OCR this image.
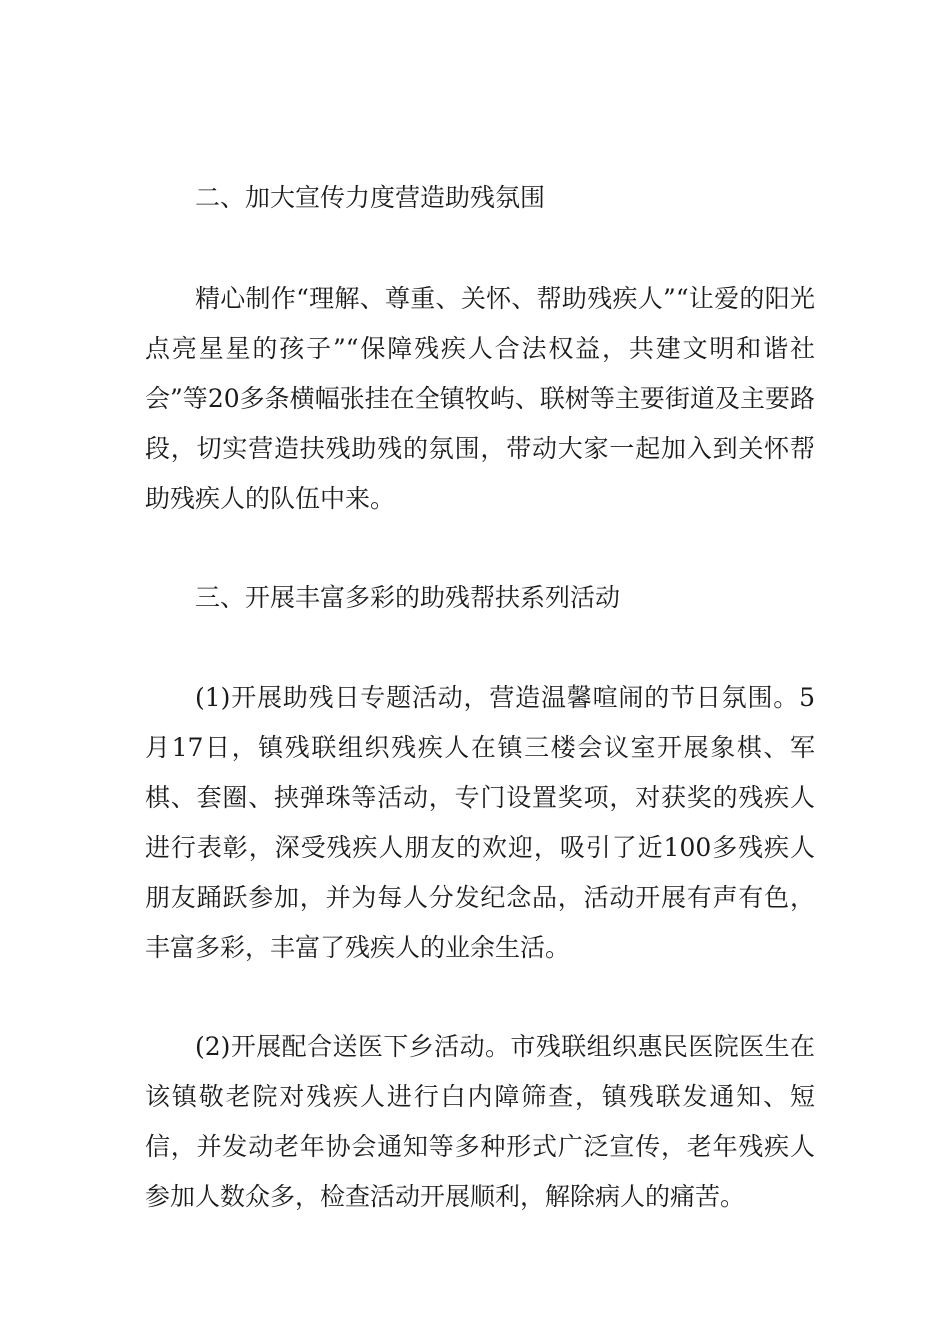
二、加大宣传力度营造助残氛围

精心制作“理解、尊重、关怀、帮助残疾人”“让爱的阳光点亮星星的孩子”“保障残疾人合法权益，共建文明和谐社会”等20多条横幅张挂在全镇牧屿、联树等主要街道及主要路段，切实营造扶残助残的氛围，带动大家一起加入到关怀帮助残疾人的队伍中来。

三、开展丰富多彩的助残帮扶系列活动

(1)开展助残日专题活动，营造温馨喧闹的节日氛围。5月17日，镇残联组织残疾人在镇三楼会议室开展象棋、军棋、套圈、挟弹珠等活动，专门设置奖项，对获奖的残疾人进行表彰，深受残疾人朋友的欢迎，吸引了近100多残疾人朋友踊跃参加，并为每人分发纪念品，活动开展有声有色，丰富多彩，丰富了残疾人的业余生活。

(2)开展配合送医下乡活动。市残联组织惠民医院医生在该镇敬老院对残疾人进行白内障筛查，镇残联发通知、短信，并发动老年协会通知等多种形式广泛宣传，老年残疾人参加人数众多，检查活动开展顺利，解除病人的痛苦。
